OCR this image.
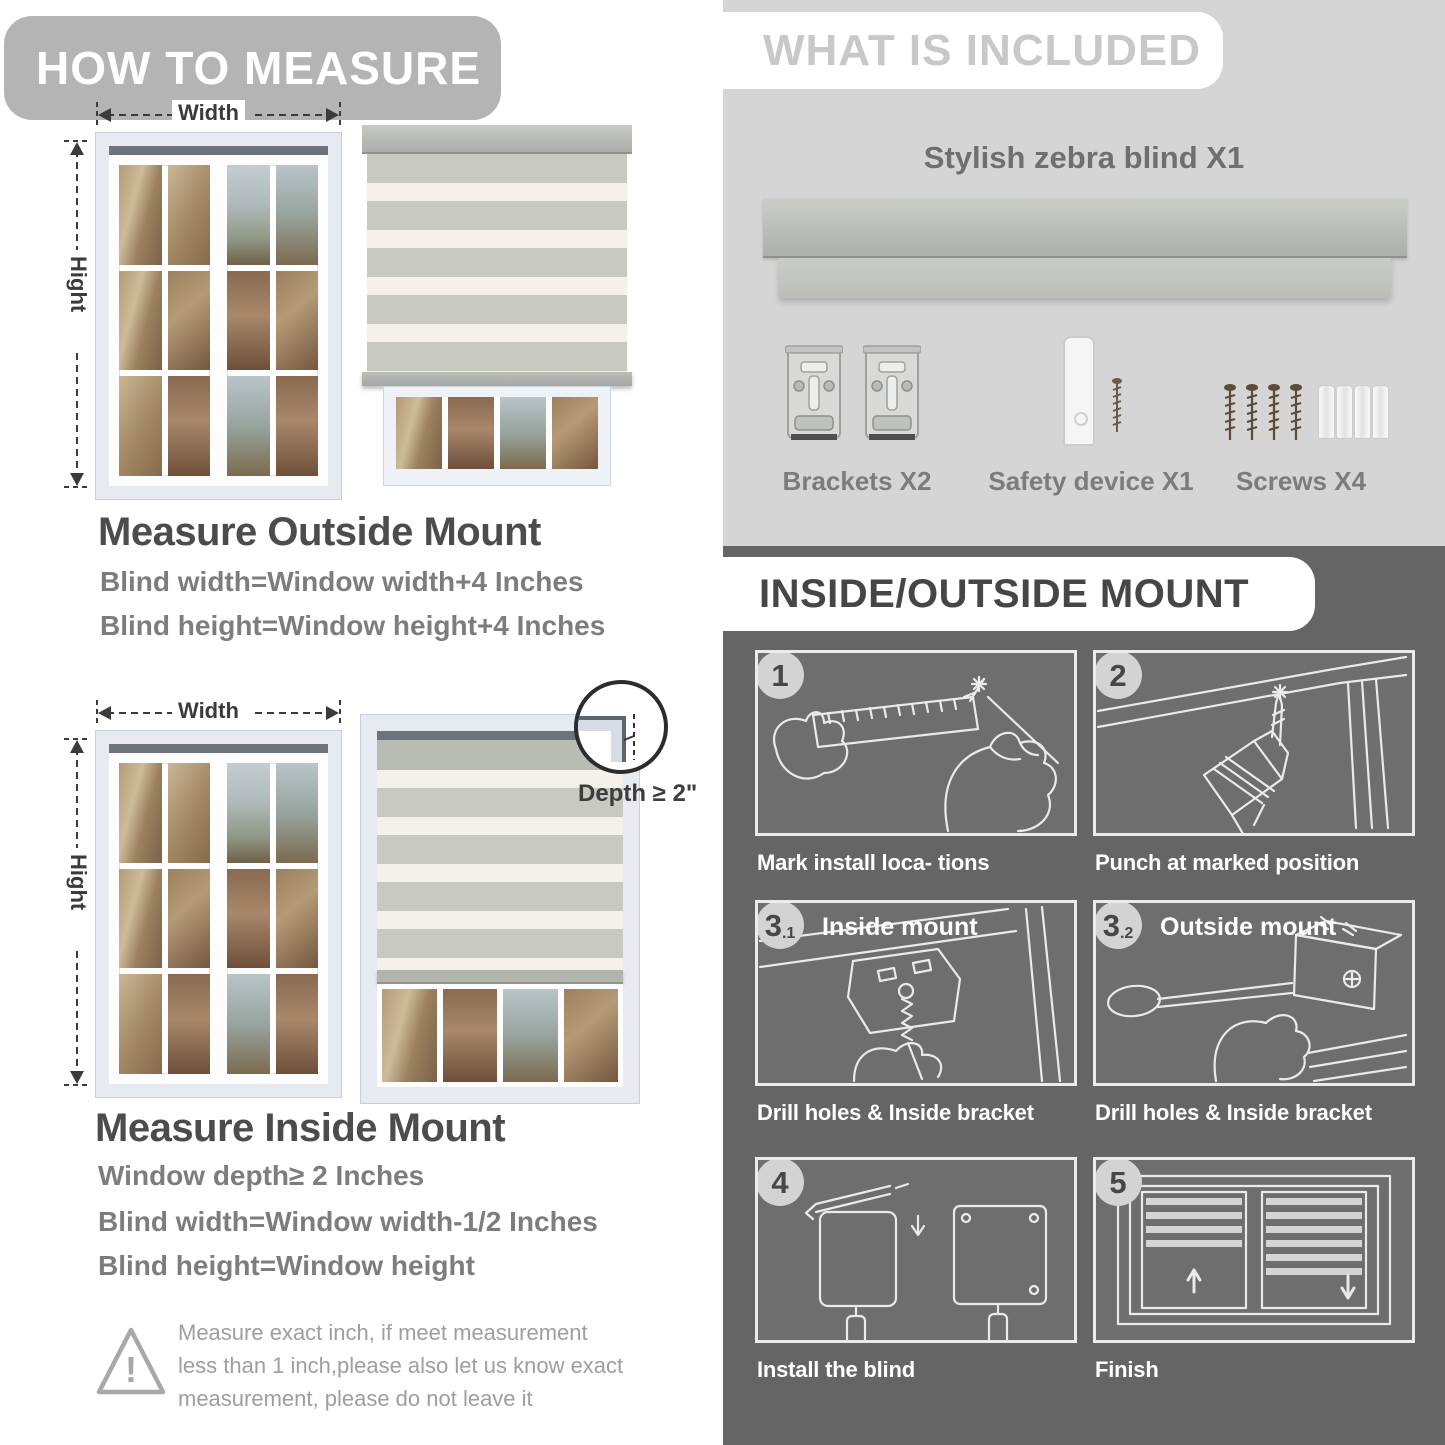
HOW TO MEASURE
Width
Hight
Measure Outside Mount

Blind width=Window width+4 Inches

Blind height=Window height+4 Inches

Width
Hight
Depth ≥ 2"
Measure Inside Mount

Window depth≥ 2 Inches

Blind width=Window width-1/2 Inches

Blind height=Window height

!

Measure exact inch, if meet measurement less than 1 inch,please also let us know exact measurement, please do not leave it

WHAT IS INCLUDED
Stylish zebra blind X1
Brackets X2 Safety device X1 Screws X4
INSIDE/OUTSIDE MOUNT
1
Mark install loca- tions
2
Punch at marked position
3 .1 Inside mount
Drill holes & Inside bracket
3 .2 Outside mount
Drill holes & Inside bracket
4
Install the blind
5
Finish
